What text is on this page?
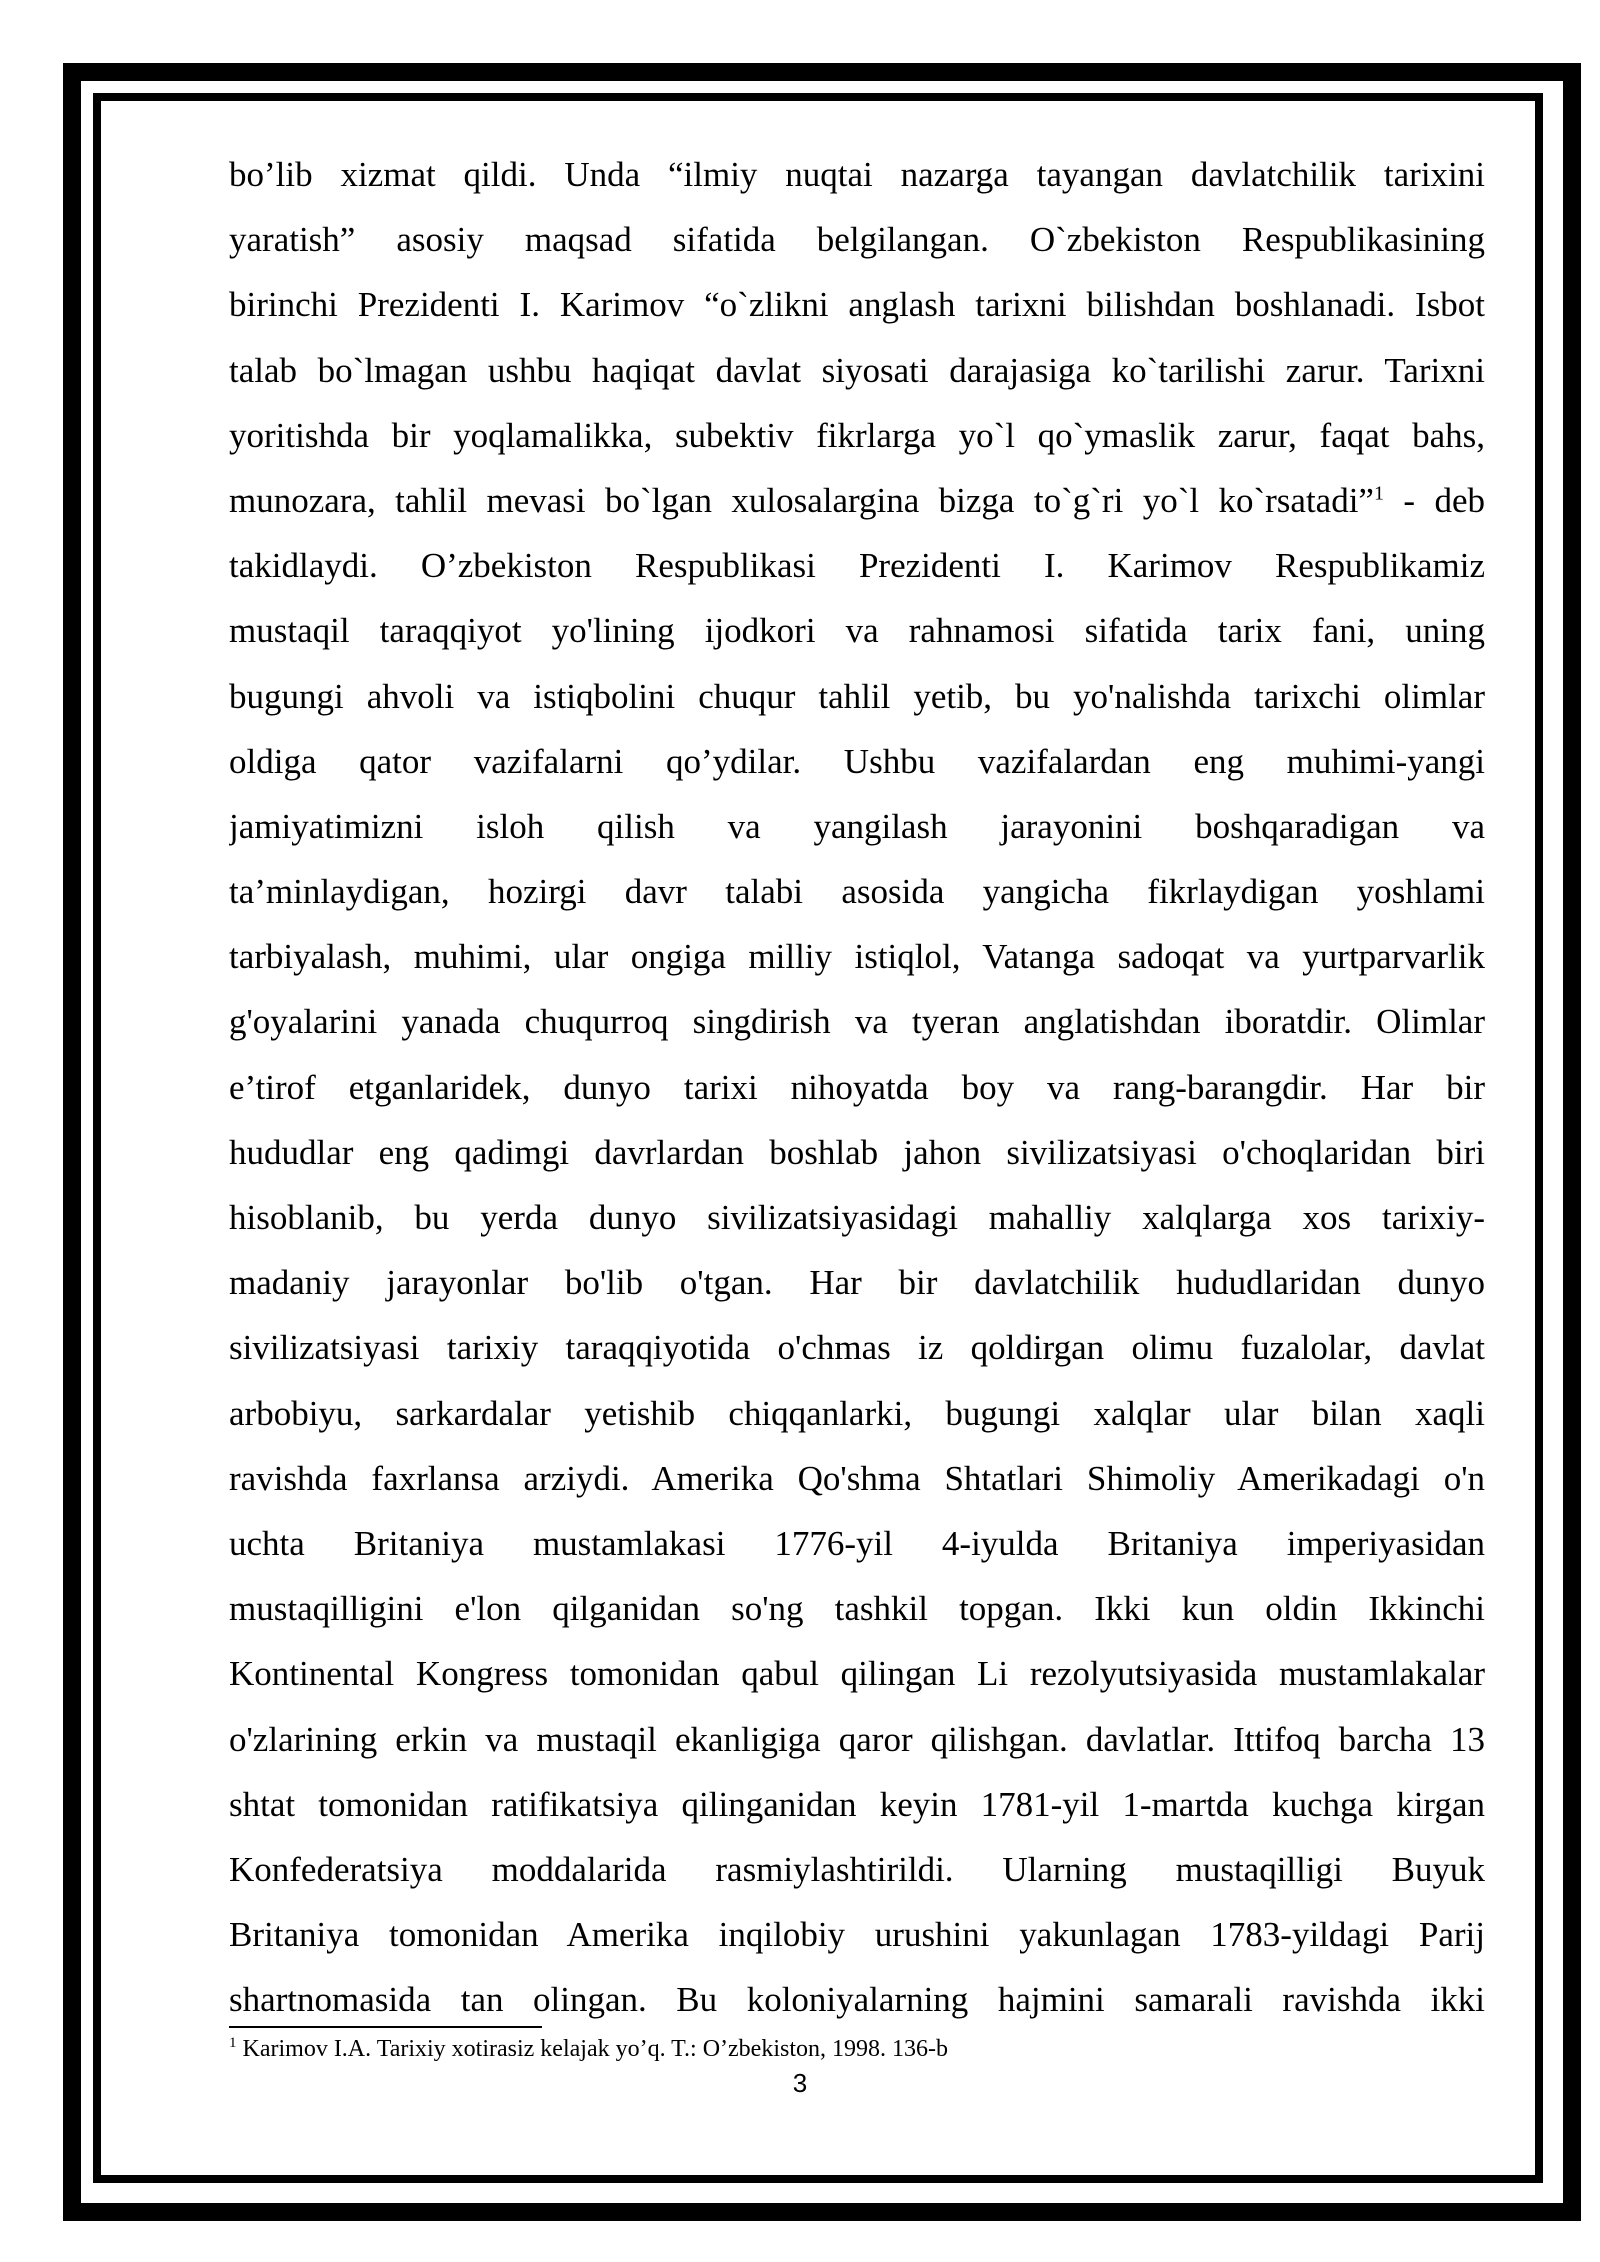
bo’lib xizmat qildi. Unda “ilmiy nuqtai nazarga tayangan davlatchilik tarixini
yaratish” asosiy maqsad sifatida belgilangan. O`zbekiston Respublikasining
birinchi Prezidenti I. Karimov “o`zlikni anglash tarixni bilishdan boshlanadi. Isbot
talab bo`lmagan ushbu haqiqat davlat siyosati darajasiga ko`tarilishi zarur. Tarixni
yoritishda bir yoqlamalikka, subektiv fikrlarga yo`l qo`ymaslik zarur, faqat bahs,
munozara, tahlil mevasi bo`lgan xulosalargina bizga to`g`ri yo`l ko`rsatadi”$^1$ - deb
takidlaydi. O’zbekiston Respublikasi Prezidenti I. Karimov Respublikamiz
mustaqil taraqqiyot yo'lining ijodkori va rahnamosi sifatida tarix fani, uning
bugungi ahvoli va istiqbolini chuqur tahlil yetib, bu yo'nalishda tarixchi olimlar
oldiga qator vazifalarni qo’ydilar. Ushbu vazifalardan eng muhimi-yangi
jamiyatimizni isloh qilish va yangilash jarayonini boshqaradigan va
ta’minlaydigan, hozirgi davr talabi asosida yangicha fikrlaydigan yoshlami
tarbiyalash, muhimi, ular ongiga milliy istiqlol, Vatanga sadoqat va yurtparvarlik
g'oyalarini yanada chuqurroq singdirish va tyeran anglatishdan iboratdir. Olimlar
e’tirof etganlaridek, dunyo tarixi nihoyatda boy va rang-barangdir. Har bir
hududlar eng qadimgi davrlardan boshlab jahon sivilizatsiyasi o'choqlaridan biri
hisoblanib, bu yerda dunyo sivilizatsiyasidagi mahalliy xalqlarga xos tarixiy-
madaniy jarayonlar bo'lib o'tgan. Har bir davlatchilik hududlaridan dunyo
sivilizatsiyasi tarixiy taraqqiyotida o'chmas iz qoldirgan olimu fuzalolar, davlat
arbobiyu, sarkardalar yetishib chiqqanlarki, bugungi xalqlar ular bilan xaqli
ravishda faxrlansa arziydi. Amerika Qo'shma Shtatlari Shimoliy Amerikadagi o'n
uchta Britaniya mustamlakasi 1776-yil 4-iyulda Britaniya imperiyasidan
mustaqilligini e'lon qilganidan so'ng tashkil topgan. Ikki kun oldin Ikkinchi
Kontinental Kongress tomonidan qabul qilingan Li rezolyutsiyasida mustamlakalar
o'zlarining erkin va mustaqil ekanligiga qaror qilishgan. davlatlar. Ittifoq barcha 13
shtat tomonidan ratifikatsiya qilinganidan keyin 1781-yil 1-martda kuchga kirgan
Konfederatsiya moddalarida rasmiylashtirildi. Ularning mustaqilligi Buyuk
Britaniya tomonidan Amerika inqilobiy urushini yakunlagan 1783-yildagi Parij
shartnomasida tan olingan. Bu koloniyalarning hajmini samarali ravishda ikki

$^1$ Karimov I.A. Tarixiy xotirasiz kelajak yo’q. T.: O’zbekiston, 1998. 136-b

3
